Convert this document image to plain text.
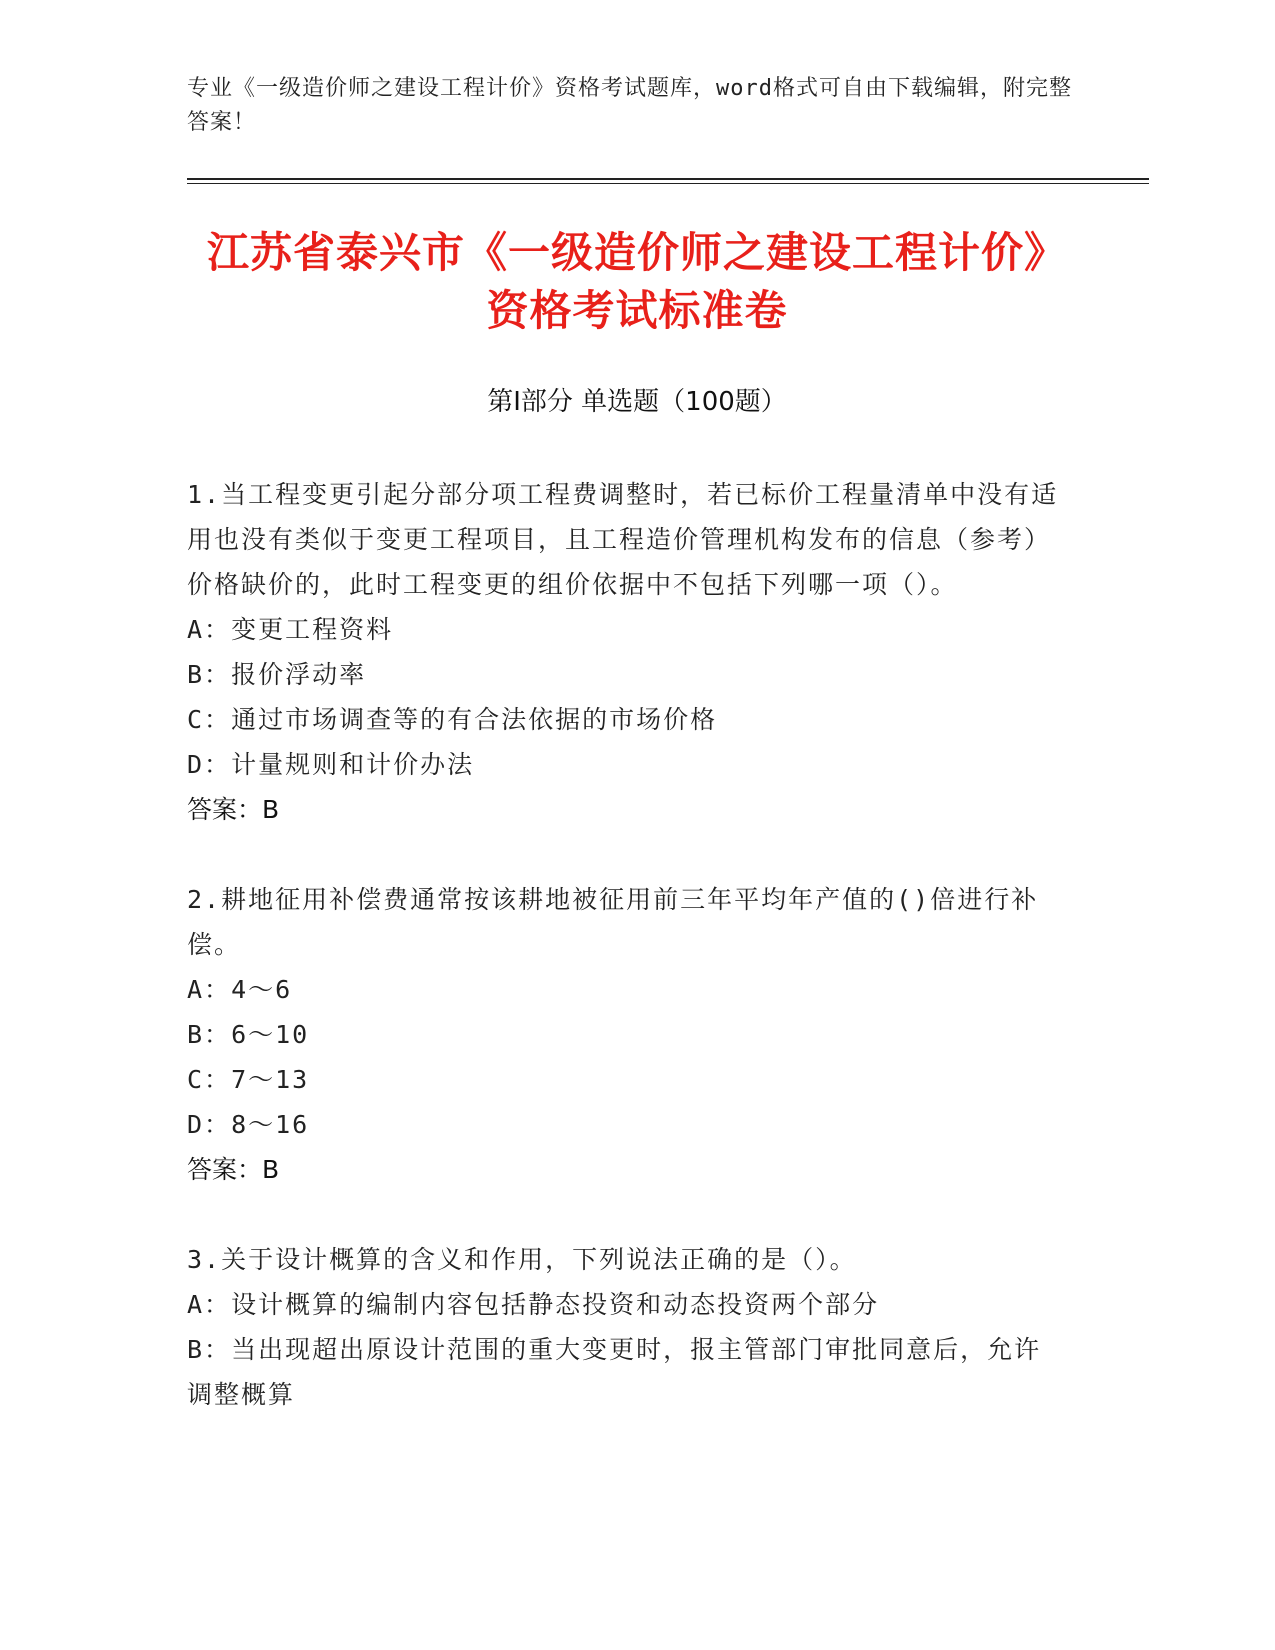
专业《一级造价师之建设工程计价》资格考试题库，word格式可自由下载编辑，附完整答案！
江苏省泰兴市《一级造价师之建设工程计价》资格考试标准卷
第Ⅰ部分 单选题（100题）

1.当工程变更引起分部分项工程费调整时，若已标价工程量清单中没有适用也没有类似于变更工程项目，且工程造价管理机构发布的信息（参考）价格缺价的，此时工程变更的组价依据中不包括下列哪一项（）。

A：变更工程资料

B：报价浮动率

C：通过市场调查等的有合法依据的市场价格

D：计量规则和计价办法

答案：B

2.耕地征用补偿费通常按该耕地被征用前三年平均年产值的()倍进行补偿。

A：4～6

B：6～10

C：7～13

D：8～16

答案：B

3.关于设计概算的含义和作用，下列说法正确的是（）。

A：设计概算的编制内容包括静态投资和动态投资两个部分

B：当出现超出原设计范围的重大变更时，报主管部门审批同意后，允许调整概算
